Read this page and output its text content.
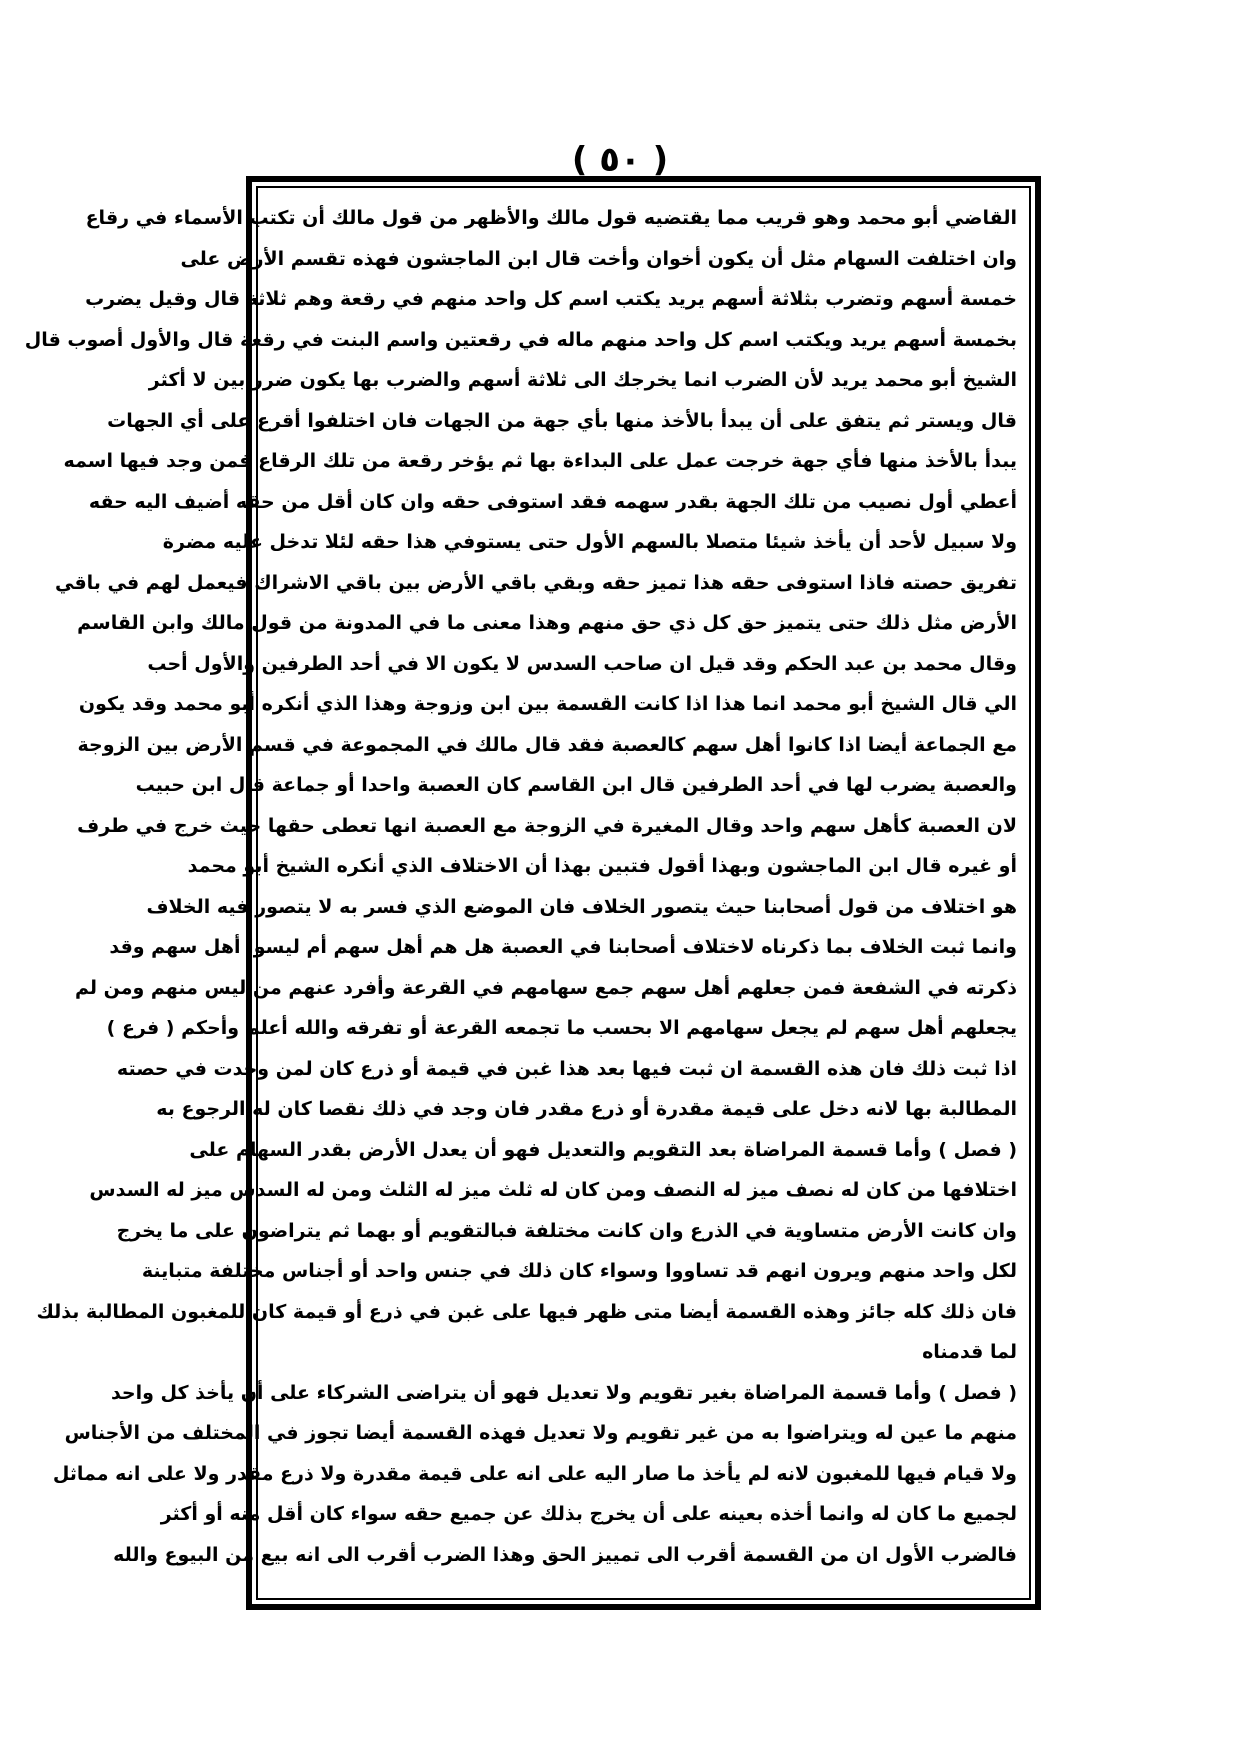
( ٥٠ )
القاضي أبو محمد وهو قريب مما يقتضيه قول مالك والأظهر من قول مالك أن تكتب الأسماء في رقاع
وان اختلفت السهام مثل أن يكون أخوان وأخت قال ابن الماجشون فهذه تقسم الأرض على
خمسة أسهم وتضرب بثلاثة أسهم يريد يكتب اسم كل واحد منهم في رقعة وهم ثلاثة قال وقيل يضرب
بخمسة أسهم يريد ويكتب اسم كل واحد منهم ماله في رقعتين واسم البنت في رقعة قال والأول أصوب قال
الشيخ أبو محمد يريد لأن الضرب انما يخرجك الى ثلاثة أسهم والضرب بها يكون ضرر بين لا أكثر
قال ويستر ثم يتفق على أن يبدأ بالأخذ منها بأي جهة من الجهات فان اختلفوا أقرع على أي الجهات
يبدأ بالأخذ منها فأي جهة خرجت عمل على البداءة بها ثم يؤخر رقعة من تلك الرقاع فمن وجد فيها اسمه
أعطي أول نصيب من تلك الجهة بقدر سهمه فقد استوفى حقه وان كان أقل من حقه أضيف اليه حقه
ولا سبيل لأحد أن يأخذ شيئا متصلا بالسهم الأول حتى يستوفي هذا حقه لئلا تدخل عليه مضرة
تفريق حصته فاذا استوفى حقه هذا تميز حقه وبقي باقي الأرض بين باقي الاشراك فيعمل لهم في باقي
الأرض مثل ذلك حتى يتميز حق كل ذي حق منهم وهذا معنى ما في المدونة من قول مالك وابن القاسم
وقال محمد بن عبد الحكم وقد قيل ان صاحب السدس لا يكون الا في أحد الطرفين والأول أحب
الي قال الشيخ أبو محمد انما هذا اذا كانت القسمة بين ابن وزوجة وهذا الذي أنكره أبو محمد وقد يكون
مع الجماعة أيضا اذا كانوا أهل سهم كالعصبة فقد قال مالك في المجموعة في قسم الأرض بين الزوجة
والعصبة يضرب لها في أحد الطرفين قال ابن القاسم كان العصبة واحدا أو جماعة قال ابن حبيب
لان العصبة كأهل سهم واحد وقال المغيرة في الزوجة مع العصبة انها تعطى حقها حيث خرج في طرف
أو غيره قال ابن الماجشون وبهذا أقول فتبين بهذا أن الاختلاف الذي أنكره الشيخ أبو محمد
هو اختلاف من قول أصحابنا حيث يتصور الخلاف فان الموضع الذي فسر به لا يتصور فيه الخلاف
وانما ثبت الخلاف بما ذكرناه لاختلاف أصحابنا في العصبة هل هم أهل سهم أم ليسوا أهل سهم وقد
ذكرته في الشفعة فمن جعلهم أهل سهم جمع سهامهم في القرعة وأفرد عنهم من ليس منهم ومن لم
يجعلهم أهل سهم لم يجعل سهامهم الا بحسب ما تجمعه القرعة أو تفرقه والله أعلم وأحكم ( فرع )
اذا ثبت ذلك فان هذه القسمة ان ثبت فيها بعد هذا غبن في قيمة أو ذرع كان لمن وجدت في حصته
المطالبة بها لانه دخل على قيمة مقدرة أو ذرع مقدر فان وجد في ذلك نقصا كان له الرجوع به
( فصل ) وأما قسمة المراضاة بعد التقويم والتعديل فهو أن يعدل الأرض بقدر السهام على
اختلافها من كان له نصف ميز له النصف ومن كان له ثلث ميز له الثلث ومن له السدس ميز له السدس
وان كانت الأرض متساوية في الذرع وان كانت مختلفة فبالتقويم أو بهما ثم يتراضون على ما يخرج
لكل واحد منهم ويرون انهم قد تساووا وسواء كان ذلك في جنس واحد أو أجناس مختلفة متباينة
فان ذلك كله جائز وهذه القسمة أيضا متى ظهر فيها على غبن في ذرع أو قيمة كان للمغبون المطالبة بذلك
لما قدمناه
( فصل ) وأما قسمة المراضاة بغير تقويم ولا تعديل فهو أن يتراضى الشركاء على أن يأخذ كل واحد
منهم ما عين له ويتراضوا به من غير تقويم ولا تعديل فهذه القسمة أيضا تجوز في المختلف من الأجناس
ولا قيام فيها للمغبون لانه لم يأخذ ما صار اليه على انه على قيمة مقدرة ولا ذرع مقدر ولا على انه مماثل
لجميع ما كان له وانما أخذه بعينه على أن يخرج بذلك عن جميع حقه سواء كان أقل منه أو أكثر
فالضرب الأول ان من القسمة أقرب الى تمييز الحق وهذا الضرب أقرب الى انه بيع من البيوع والله
